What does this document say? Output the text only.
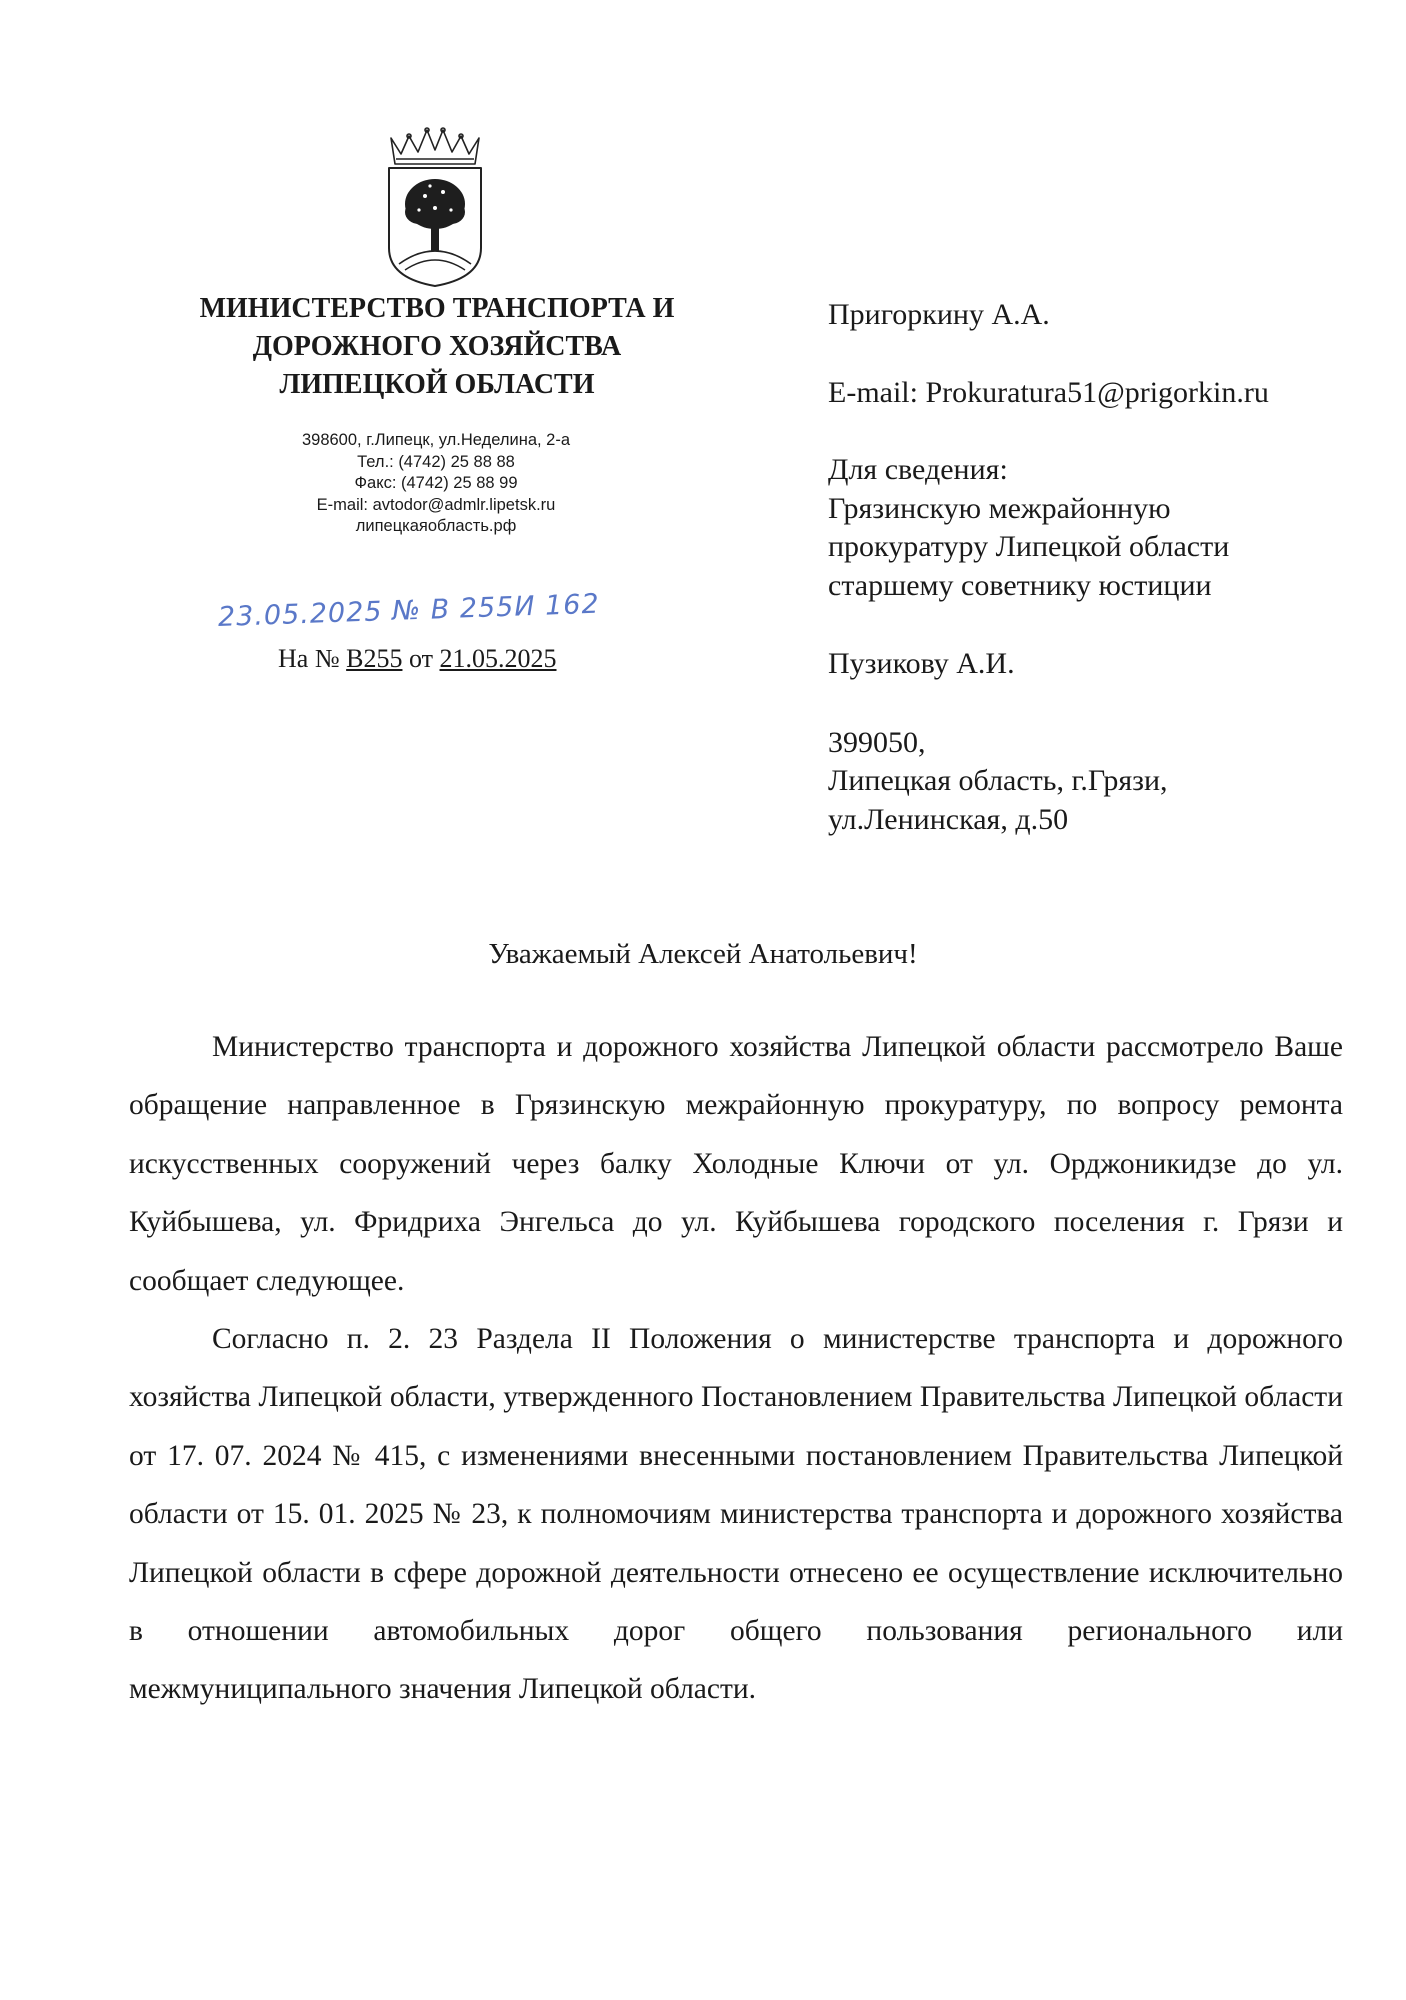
МИНИСТЕРСТВО ТРАНСПОРТА И
ДОРОЖНОГО ХОЗЯЙСТВА
ЛИПЕЦКОЙ ОБЛАСТИ
398600, г.Липецк, ул.Неделина, 2-а
Тел.: (4742) 25 88 88
Факс: (4742) 25 88 99
E-mail: avtodor@admlr.lipetsk.ru
липецкаяобласть.рф
23.05.2025 № В 255И 162
На № В255 от 21.05.2025
Пригоркину А.А.
E-mail: Prokuratura51@prigorkin.ru
Для сведения:
Грязинскую межрайонную
прокуратуру Липецкой области
старшему советнику юстиции
Пузикову А.И.
399050,
Липецкая область, г.Грязи,
ул.Ленинская, д.50
Уважаемый Алексей Анатольевич!

Министерство транспорта и дорожного хозяйства Липецкой области рассмотрело Ваше обращение направленное в Грязинскую межрайонную прокуратуру, по вопросу ремонта искусственных сооружений через балку Холодные Ключи от ул. Орджоникидзе до ул. Куйбышева, ул. Фридриха Энгельса до ул. Куйбышева городского поселения г. Грязи и сообщает следующее.

Согласно п. 2. 23 Раздела II Положения о министерстве транспорта и дорожного хозяйства Липецкой области, утвержденного Постановлением Правительства Липецкой области от 17. 07. 2024 № 415, с изменениями внесенными постановлением Правительства Липецкой области от 15. 01. 2025 № 23, к полномочиям министерства транспорта и дорожного хозяйства Липецкой области в сфере дорожной деятельности отнесено ее осуществление исключительно в отношении автомобильных дорог общего пользования регионального или межмуниципального значения Липецкой области.
